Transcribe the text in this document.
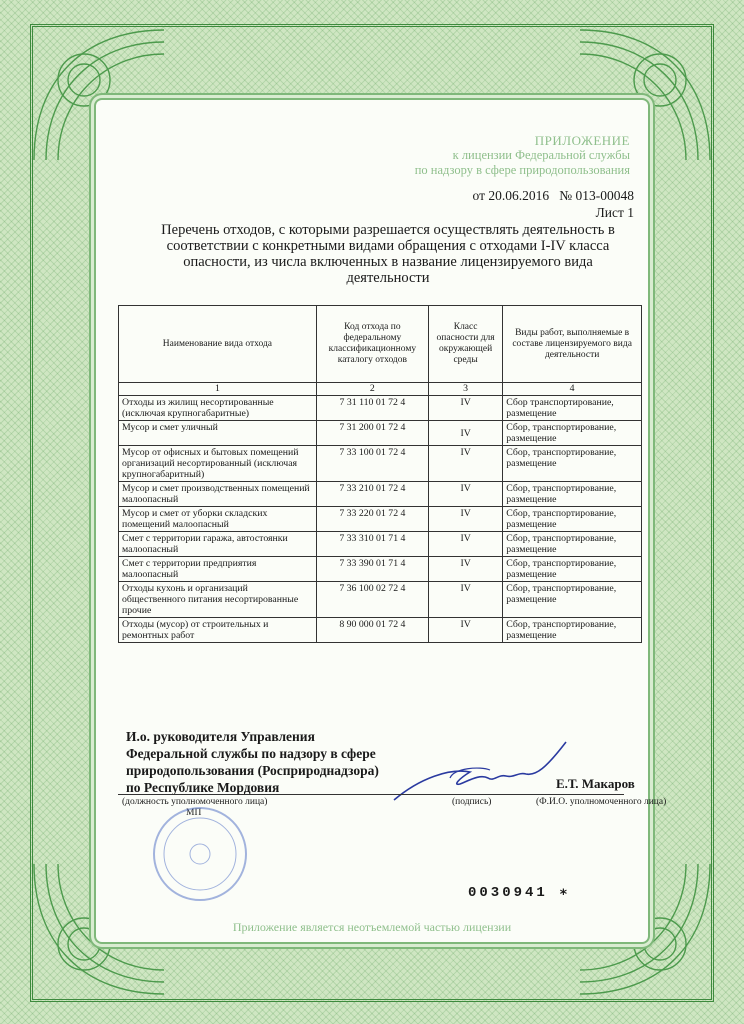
ПРИЛОЖЕНИЕ
к лицензии Федеральной службы
по надзору в сфере природопользования
от 20.06.2016   № 013-00048
Лист 1
Перечень отходов, с которыми разрешается осуществлять деятельность в соответствии с конкретными видами обращения с отходами I-IV класса опасности, из числа включенных в название лицензируемого вида деятельности
Наименование вида отхода	Код отхода по федеральному классификационному каталогу отходов	Класс опасности для окружающей среды	Виды работ, выполняемые в составе лицензируемого вида деятельности
1	2	3	4
Отходы из жилищ несортированные (исключая крупногабаритные)	7 31 110 01 72 4	IV	Сбор транспортирование, размещение
Мусор и смет уличный	7 31 200 01 72 4	IV	Сбор, транспортирование, размещение
Мусор от офисных и бытовых помещений организаций несортированный (исключая крупногабаритный)	7 33 100 01 72 4	IV	Сбор, транспортирование, размещение
Мусор и смет производственных помещений малоопасный	7 33 210 01 72 4	IV	Сбор, транспортирование, размещение
Мусор и смет от уборки складских помещений малоопасный	7 33 220 01 72 4	IV	Сбор, транспортирование, размещение
Смет с территории гаража, автостоянки малоопасный	7 33 310 01 71 4	IV	Сбор, транспортирование, размещение
Смет с территории предприятия малоопасный	7 33 390 01 71 4	IV	Сбор, транспортирование, размещение
Отходы кухонь и организаций общественного питания несортированные прочие	7 36 100 02 72 4	IV	Сбор, транспортирование, размещение
Отходы (мусор) от строительных и ремонтных работ	8 90 000 01 72 4	IV	Сбор, транспортирование, размещение
И.о. руководителя Управления
Федеральной службы по надзору в сфере
природопользования (Росприроднадзора)
по Республике Мордовия	Е.Т. Макаров
(должность уполномоченного лица)	(подпись)	(Ф.И.О. уполномоченного лица)
МП
0030941 ∗
Приложение является неотъемлемой частью лицензии
